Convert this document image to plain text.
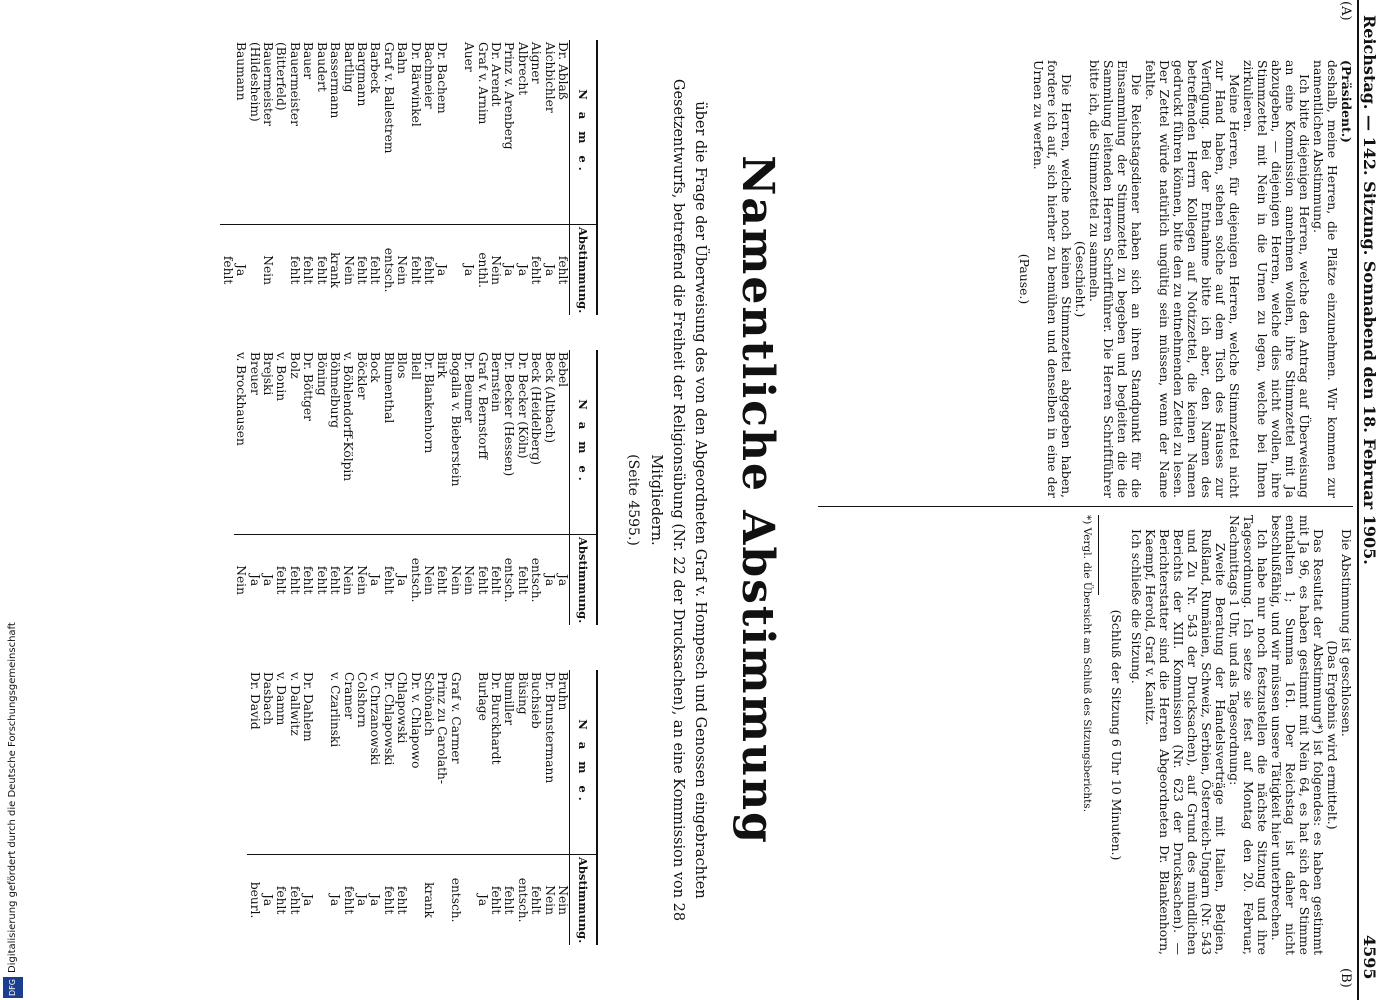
Reichstag. — 142. Sitzung. Sonnabend den 18. Februar 1905.
4595
(A)
(B)

(Präsident.)

deshalb, meine Herren, die Plätze einzunehmen. Wir kommen zur namentlichen Abstimmung.

Ich bitte diejenigen Herren, welche den Antrag auf Überweisung an eine Kommission annehmen wollen, ihre Stimmzettel mit Ja abzugeben, — diejenigen Herren, welche dies nicht wollen, ihre Stimmzettel mit Nein in die Urnen zu legen, welche bei Ihnen zirkulieren.

Meine Herren, für diejenigen Herren, welche Stimmzettel nicht zur Hand haben, stehen solche auf dem Tisch des Hauses zur Verfügung. Bei der Entnahme bitte ich aber, den Namen des betreffenden Herrn Kollegen auf Notizzettel, die keinen Namen gedruckt führen können, bitte den zu entnehmenden Zettel zu lesen. Der Zettel würde natürlich ungültig sein müssen, wenn der Name fehlte.

Die Reichstagsdiener haben sich an ihren Standpunkt für die Einsammlung der Stimmzettel zu begeben und begleiten die die Sammlung leitenden Herren Schriftführer. Die Herren Schriftführer bitte ich, die Stimmzettel zu sammeln.

(Geschieht.)

Die Herren, welche noch keinen Stimmzettel abgegeben haben, fordere ich auf, sich hierher zu bemühen und denselben in eine der Urnen zu werfen.

(Pause.)

Die Abstimmung ist geschlossen.

(Das Ergebnis wird ermittelt.)

Das Resultat der Abstimmung*) ist folgendes: es haben gestimmt mit Ja 96, es haben gestimmt mit Nein 64, es hat sich der Stimme enthalten 1; Summa 161. Der Reichstag ist daher nicht beschlußfähig, und wir müssen unsere Tätigkeit hier unterbrechen.

Ich habe nur noch festzustellen die nächste Sitzung und ihre Tagesordnung. Ich setze sie fest auf Montag den 20. Februar, Nachmittags 1 Uhr, und als Tagesordnung:

Zweite Beratung der Handelsverträge mit Italien, Belgien, Rußland, Rumänien, Schweiz, Serbien, Österreich-Ungarn (Nr. 543 und Zu Nr. 543 der Drucksachen), auf Grund des mündlichen Berichts der XIII. Kommission (Nr. 623 der Drucksachen). — Berichterstatter sind die Herren Abgeordneten Dr. Blankenhorn, Kaempf, Herold, Graf v. Kanitz.

Ich schließe die Sitzung.

(Schluß der Sitzung 6 Uhr 10 Minuten.)

*) Vergl. die Übersicht am Schluß des Sitzungsberichts.

Namentliche Abstimmung
über die Frage der Überweisung des von den Abgeordneten Graf v. Hompesch und Genossen eingebrachten Gesetzentwurfs, betreffend die Freiheit der Religionsübung (Nr. 22 der Drucksachen), an eine Kommission von 28 Mitgliedern.
(Seite 4595.)
N a m e.	Abstimmung.
Dr. Ablaß	fehlt
Aichbichler	Ja
Aigner	fehlt
Albrecht	Ja
Prinz v. Arenberg	Ja
Dr. Arendt	Nein
Graf v. Arnim	enthl.
Auer	Ja

Dr. Bachem	Ja
Bachmeier	fehlt
Dr. Bärwinkel	fehlt
Bahn	Nein
Graf v. Ballestrem	entsch.
Barbeck	fehlt
Bargmann	fehlt
Bartling	Nein
Bassermann	krank
Baudert	fehlt
Bauer	fehlt
Bauermeister	fehlt
(Bitterfeld)	
Bauermeister	Nein
(Hildesheim)	
Baumann	Ja
	fehlt
N a m e.	Abstimmung.
Bebel	Ja
Beck (Altbach)	Ja
Beck (Heidelberg)	entsch.
Dr. Becker (Köln)	fehlt
Dr. Becker (Hessen)	entsch.
Bernstein	fehlt
Graf v. Bernstorff	fehlt
Dr. Beumer	Nein
Bogalla v. Bieberstein	Nein
Birk	fehlt
Dr. Blankenhorn	Nein
Blell	entsch.
Blos	Ja
Blumenthal	fehlt
Bock	Ja
Böckler	Nein
v. Böhlendorff-Kölpin	Nein
Böhmelburg	fehlt
Böning	fehlt
Dr. Böttger	fehlt
Bolz	fehlt
v. Bonin	fehlt
Brejski	Ja
Breuer	Ja
v. Brockhausen	Nein
N a m e.	Abstimmung.
Bruhn	Nein
Dr. Brunstermann	Nein
Buchsieb	fehlt
Büsing	entsch.
Bumiller	fehlt
Dr. Burckhardt	fehlt
Burlage	Ja

Graf v. Carmer	entsch.
Prinz zu Carolath-	
Schönaich	krank
Dr. v. Chlapowo	
Chlapowski	fehlt
Dr. Chlapowski	fehlt
v. Chrzanowski	Ja
Colshorn	Ja
Cramer	fehlt
v. Czarlinski	Ja

Dr. Dahlem	Ja
v. Dallwitz	fehlt
v. Damm	fehlt
Dasbach	Ja
Dr. David	beurl.
DFGDigitalisierung gefördert durch die Deutsche Forschungsgemeinschaft
